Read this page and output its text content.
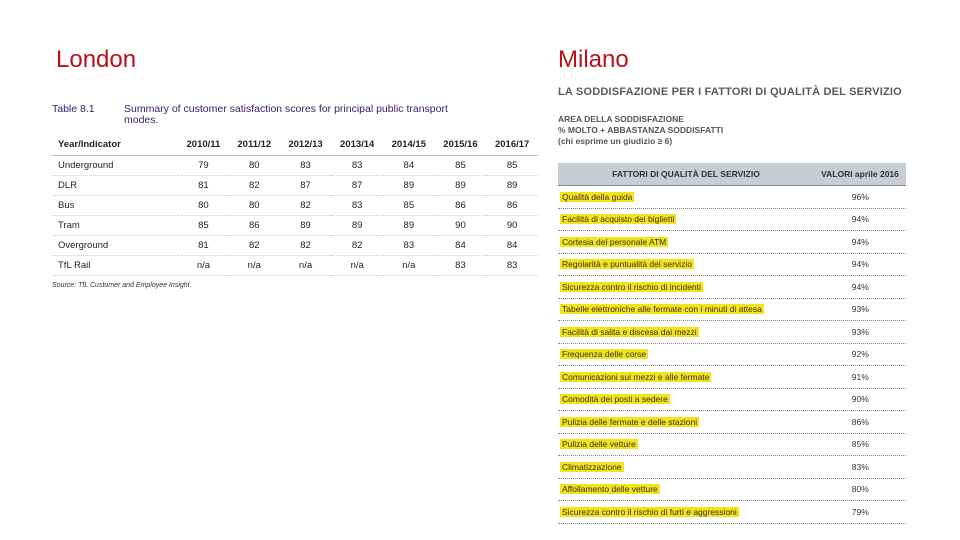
London	Milano
Table 8.1	Summary of customer satisfaction scores for principal public transport modes.
Year/Indicator	2010/11	2011/12	2012/13	2013/14	2014/15	2015/16	2016/17
Underground	79	80	83	83	84	85	85
DLR	81	82	87	87	89	89	89
Bus	80	80	82	83	85	86	86
Tram	85	86	89	89	89	90	90
Overground	81	82	82	82	83	84	84
TfL Rail	n/a	n/a	n/a	n/a	n/a	83	83
Source: TfL Customer and Employee Insight.
LA SODDISFAZIONE PER I FATTORI DI QUALITÀ DEL SERVIZIO
AREA DELLA SODDISFAZIONE
% MOLTO + ABBASTANZA SODDISFATTI
(chi esprime un giudizio ≥ 6)
FATTORI DI QUALITÀ DEL SERVIZIO	VALORI aprile 2016
Qualità della guida	96%
Facilità di acquisto dei biglietti	94%
Cortesia del personale ATM	94%
Regolarità e puntualità del servizio	94%
Sicurezza contro il rischio di incidenti	94%
Tabelle elettroniche alle fermate con i minuti di attesa	93%
Facilità di salita e discesa dai mezzi	93%
Frequenza delle corse	92%
Comunicazioni sui mezzi e alle fermate	91%
Comodità dei posti a sedere	90%
Pulizia delle fermate e delle stazioni	86%
Pulizia delle vetture	85%
Climatizzazione	83%
Affollamento delle vetture	80%
Sicurezza contro il rischio di furti e aggressioni	79%
